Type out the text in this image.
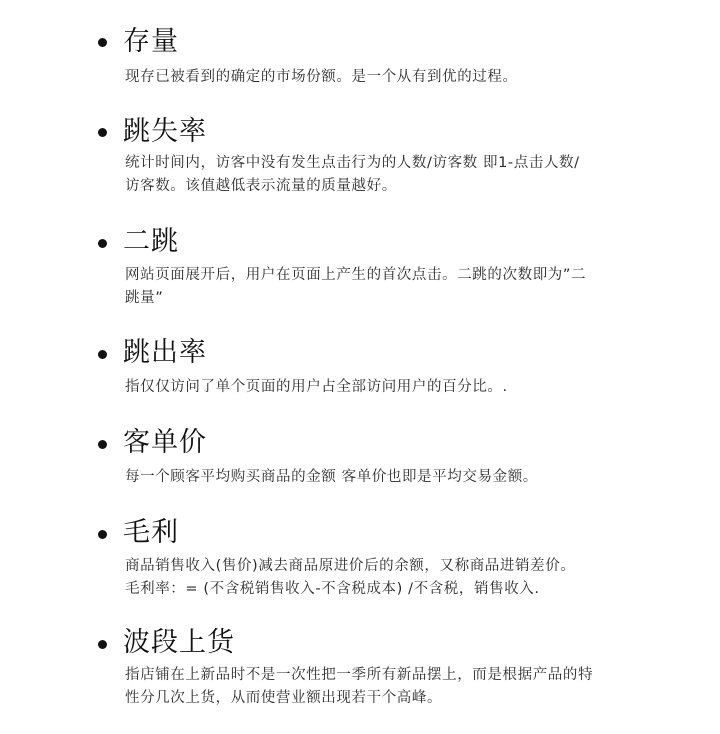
存量
现存已被看到的确定的市场份额。是一个从有到优的过程。
跳失率
统计时间内，访客中没有发生点击行为的人数/访客数 即1-点击人数/
访客数。该值越低表示流量的质量越好。
二跳
网站页面展开后，用户在页面上产生的首次点击。二跳的次数即为”二
跳量”
跳出率
指仅仅访问了单个页面的用户占全部访问用户的百分比。.
客单价
每一个顾客平均购买商品的金额 客单价也即是平均交易金额。
毛利
商品销售收入(售价)减去商品原进价后的余额，又称商品进销差价。
毛利率：= (不含税销售收入-不含税成本) /不含税，销售收入.
波段上货
指店铺在上新品时不是一次性把一季所有新品摆上，而是根据产品的特
性分几次上货，从而使营业额出现若干个高峰。
